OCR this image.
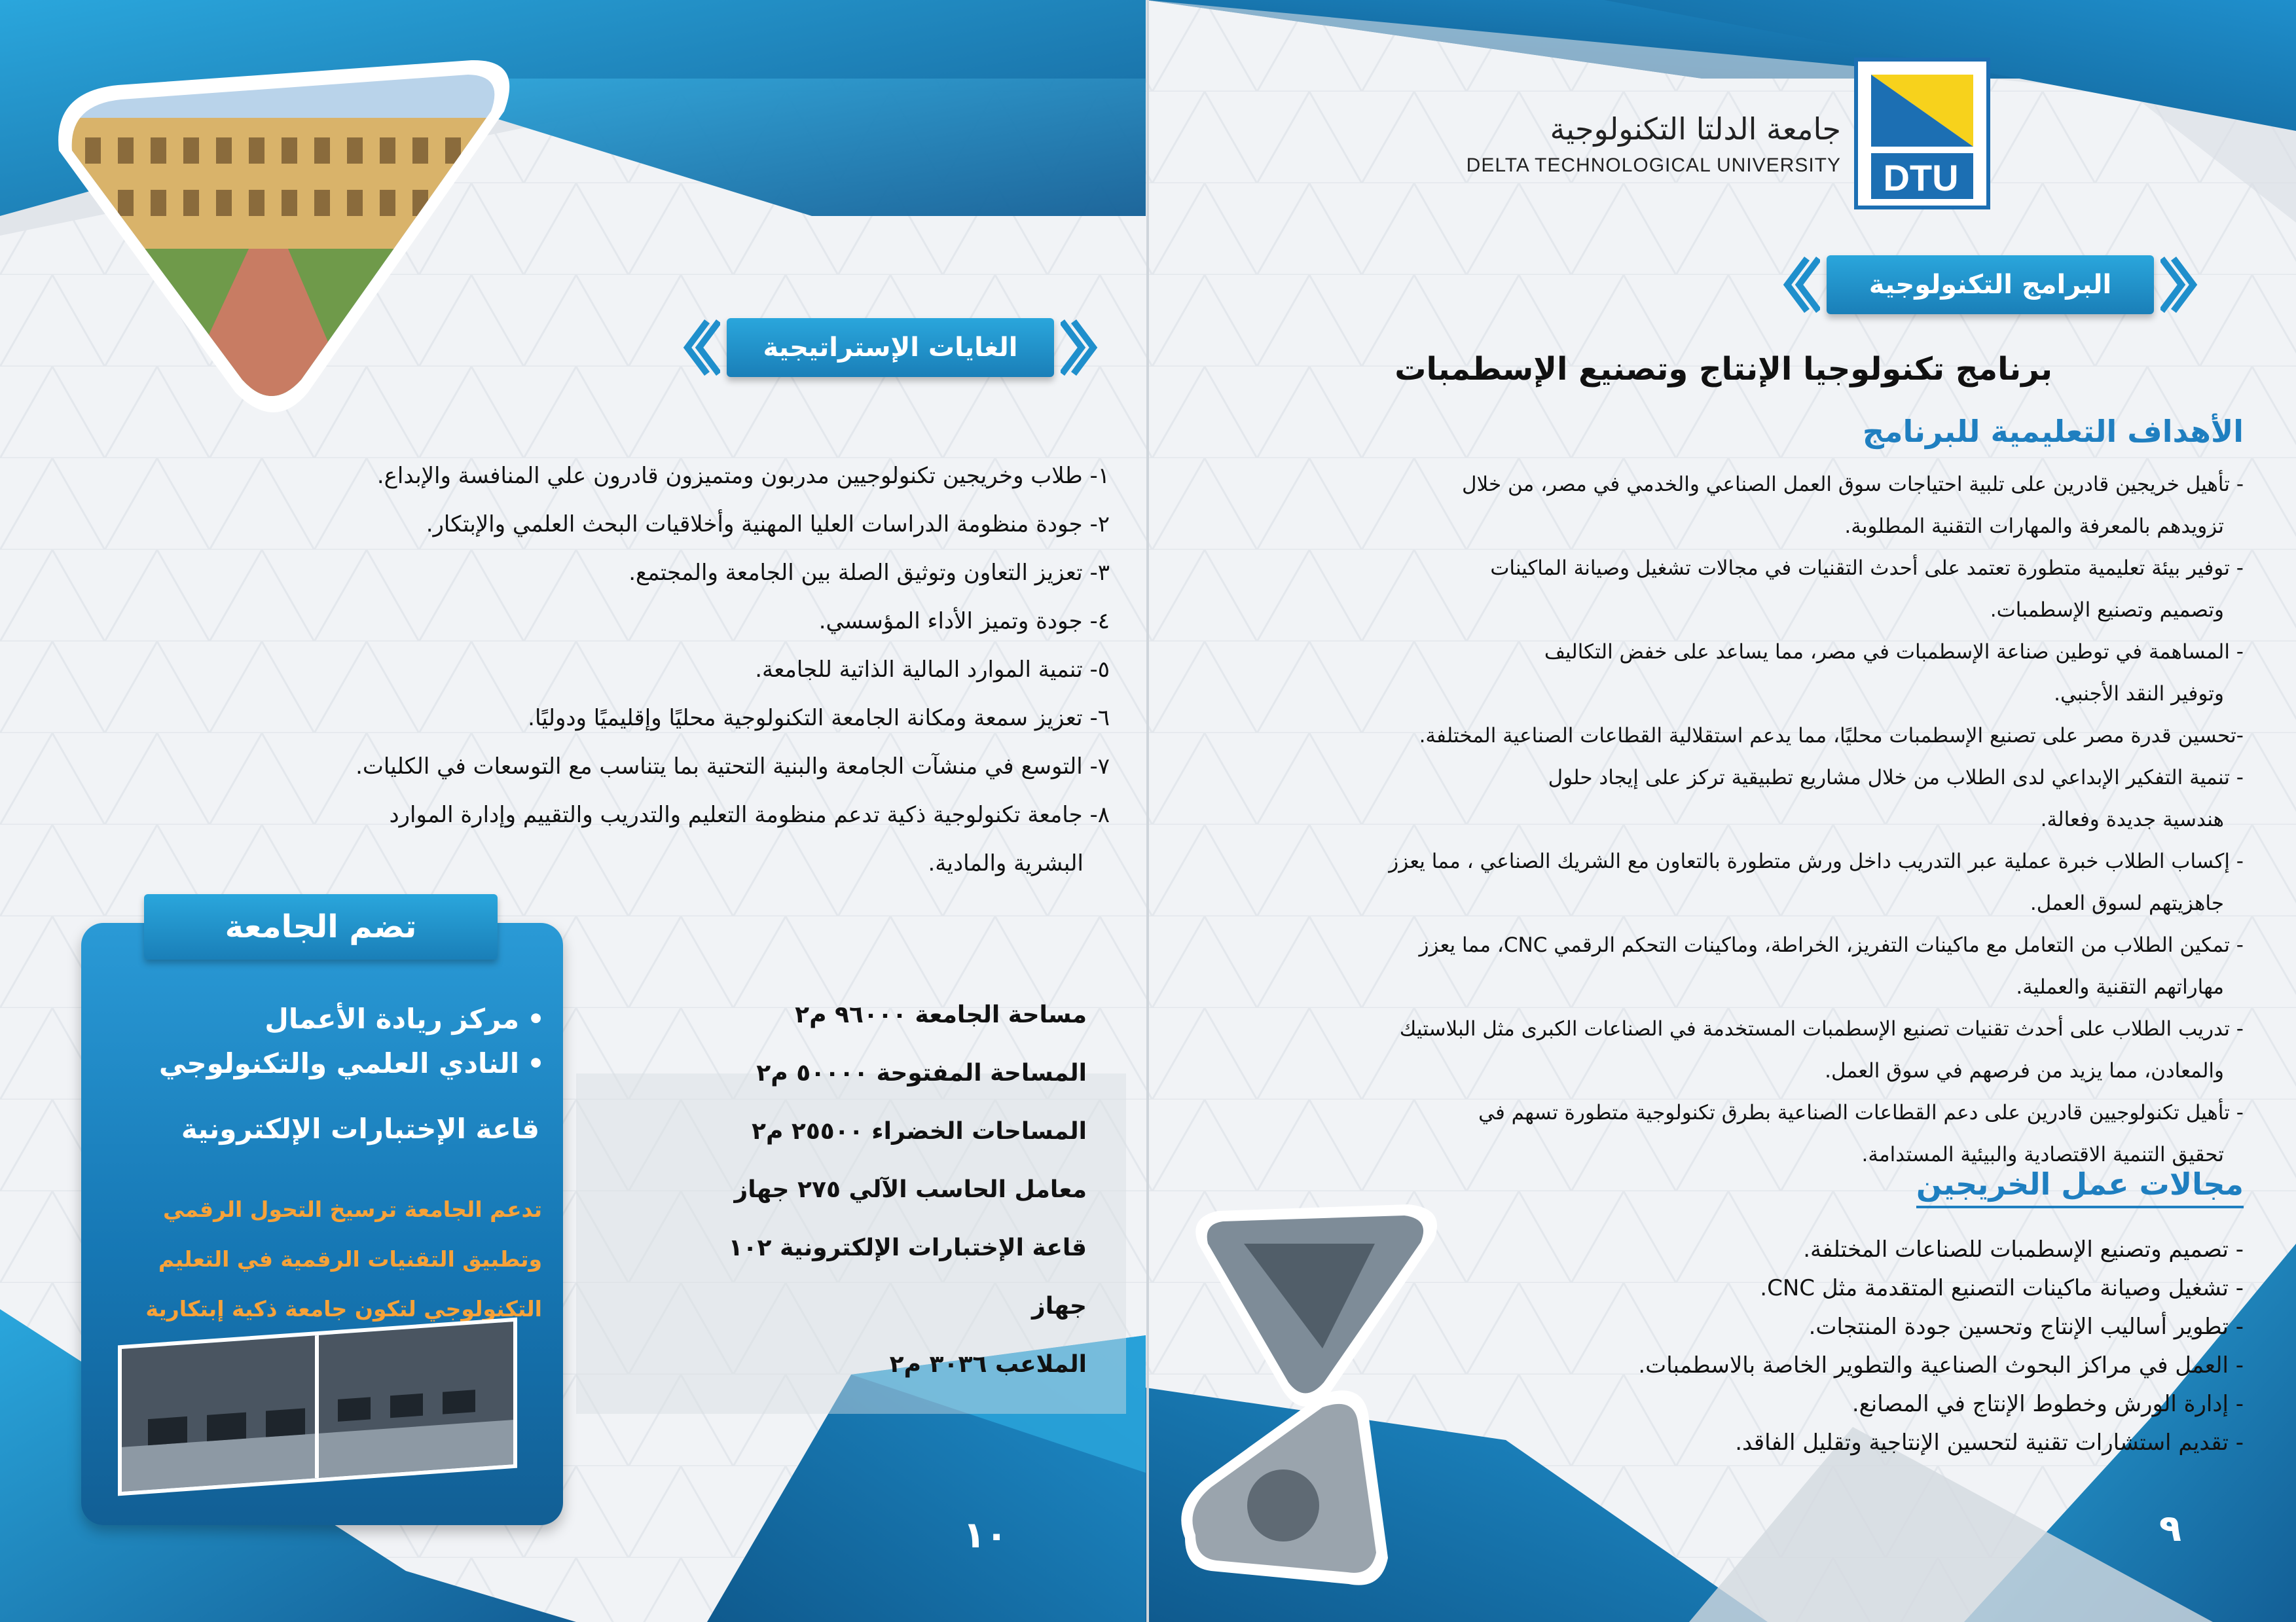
DTU
جامعة الدلتا التكنولوجية
DELTA TECHNOLOGICAL UNIVERSITY
البرامج التكنولوجية
برنامج تكنولوجيا الإنتاج وتصنيع الإسطمبات
الأهداف التعليمية للبرنامج
- تأهيل خريجين قادرين على تلبية احتياجات سوق العمل الصناعي والخدمي في مصر، من خلال
تزويدهم بالمعرفة والمهارات التقنية المطلوبة.
- توفير بيئة تعليمية متطورة تعتمد على أحدث التقنيات في مجالات تشغيل وصيانة الماكينات
وتصميم وتصنيع الإسطمبات.
- المساهمة في توطين صناعة الإسطمبات في مصر، مما يساعد على خفض التكاليف
وتوفير النقد الأجنبي.
-تحسين قدرة مصر على تصنيع الإسطمبات محليًا، مما يدعم استقلالية القطاعات الصناعية المختلفة.
- تنمية التفكير الإبداعي لدى الطلاب من خلال مشاريع تطبيقية تركز على إيجاد حلول
هندسية جديدة وفعالة.
- إكساب الطلاب خبرة عملية عبر التدريب داخل ورش متطورة بالتعاون مع الشريك الصناعي ، مما يعزز
جاهزيتهم لسوق العمل.
- تمكين الطلاب من التعامل مع ماكينات التفريز، الخراطة، وماكينات التحكم الرقمي CNC، مما يعزز
مهاراتهم التقنية والعملية.
- تدريب الطلاب على أحدث تقنيات تصنيع الإسطمبات المستخدمة في الصناعات الكبرى مثل البلاستيك
والمعادن، مما يزيد من فرصهم في سوق العمل.
- تأهيل تكنولوجيين قادرين على دعم القطاعات الصناعية بطرق تكنولوجية متطورة تسهم في
تحقيق التنمية الاقتصادية والبيئية المستدامة.
مجالات عمل الخريجين
- تصميم وتصنيع الإسطمبات للصناعات المختلفة.
- تشغيل وصيانة ماكينات التصنيع المتقدمة مثل CNC.
- تطوير أساليب الإنتاج وتحسين جودة المنتجات.
- العمل في مراكز البحوث الصناعية والتطوير الخاصة بالاسطمبات.
- إدارة الورش وخطوط الإنتاج في المصانع.
- تقديم استشارات تقنية لتحسين الإنتاجية وتقليل الفاقد.
٩
الغايات الإستراتيجية
١- طلاب وخريجين تكنولوجيين مدربون ومتميزون قادرون علي المنافسة والإبداع.
٢- جودة منظومة الدراسات العليا المهنية وأخلاقيات البحث العلمي والإبتكار.
٣- تعزيز التعاون وتوثيق الصلة بين الجامعة والمجتمع.
٤- جودة وتميز الأداء المؤسسي.
٥- تنمية الموارد المالية الذاتية للجامعة.
٦- تعزيز سمعة ومكانة الجامعة التكنولوجية محليًا وإقليميًا ودوليًا.
٧- التوسع في منشآت الجامعة والبنية التحتية بما يتناسب مع التوسعات في الكليات.
٨- جامعة تكنولوجية ذكية تدعم منظومة التعليم والتدريب والتقييم وإدارة الموارد
البشرية والمادية.
مساحة الجامعة ٩٦٠٠٠ م٢
المساحة المفتوحة ٥٠٠٠٠ م٢
المساحات الخضراء ٢٥٥٠٠ م٢
معامل الحاسب الآلي ٢٧٥ جهاز
قاعة الإختبارات الإلكترونية ١٠٢ جهاز
الملاعب ٣٠٣٦ م٢
•مركز ريادة الأعمال
•النادي العلمي والتكنولوجي
قاعة الإختبارات الإلكترونية
تدعم الجامعة ترسيخ التحول الرقمي
وتطبيق التقنيات الرقمية في التعليم
التكنولوجي لتكون جامعة ذكية إبتكارية
تضم الجامعة
١٠
